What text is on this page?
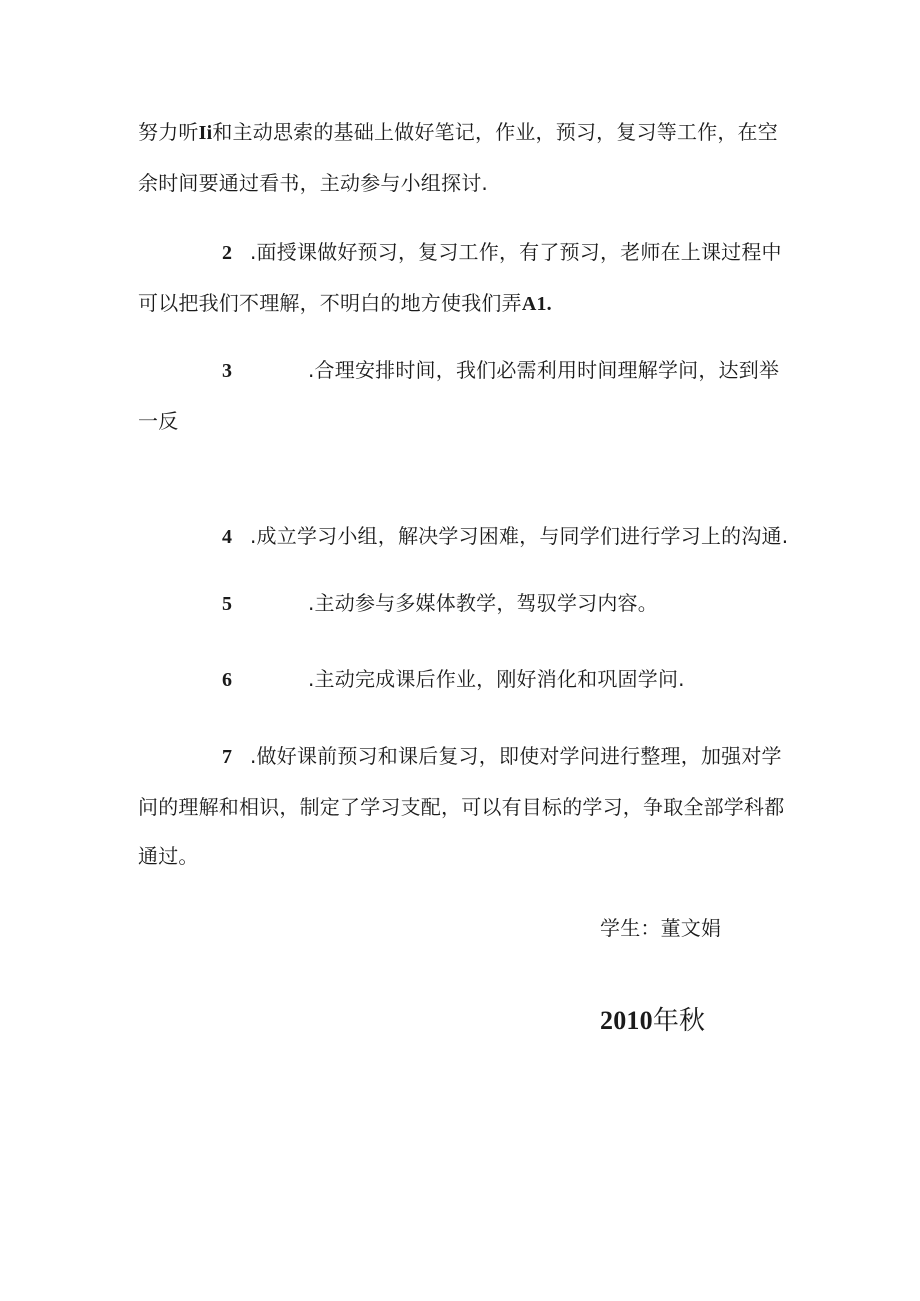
努力听Ii和主动思索的基础上做好笔记，作业，预习，复习等工作，在空
余时间要通过看书，主动参与小组探讨.
2 .面授课做好预习，复习工作，有了预习，老师在上课过程中
可以把我们不理解，不明白的地方使我们弄A1.
3	.合理安排时间，我们必需利用时间理解学问，达到举
一反
4 .成立学习小组，解决学习困难，与同学们进行学习上的沟通.
5	.主动参与多媒体教学，驾驭学习内容。
6	.主动完成课后作业，刚好消化和巩固学问.
7 .做好课前预习和课后复习，即使对学问进行整理，加强对学
问的理解和相识，制定了学习支配，可以有目标的学习，争取全部学科都
通过。
学生：董文娟
2010年秋
